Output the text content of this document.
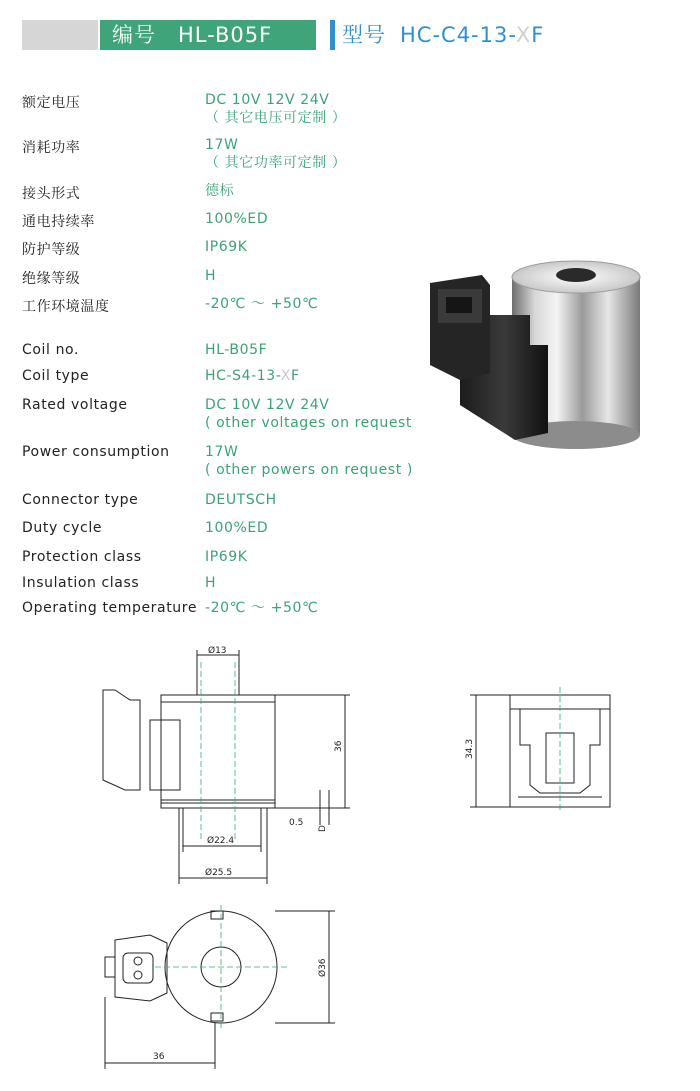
编号 HL-B05F	型号 HC-C4-13-XF
额定电压	DC 10V 12V 24V
（ 其它电压可定制 ）
消耗功率	17W
（ 其它功率可定制 ）
接头形式	德标
通电持续率	100%ED
防护等级	IP69K
绝缘等级	H
工作环境温度	-20℃ ～ +50℃
Coil no.	HL-B05F
Coil type	HC-S4-13-XF
Rated voltage	DC 10V 12V 24V
( other voltages on request
Power consumption	17W
( other powers on request )
Connector type	DEUTSCH
Duty cycle	100%ED
Protection class	IP69K
Insulation class	H
Operating temperature -20℃ ～ +50℃
Ø13
36
0.5
D
Ø22.4
Ø25.5
34.3
Ø36
36
